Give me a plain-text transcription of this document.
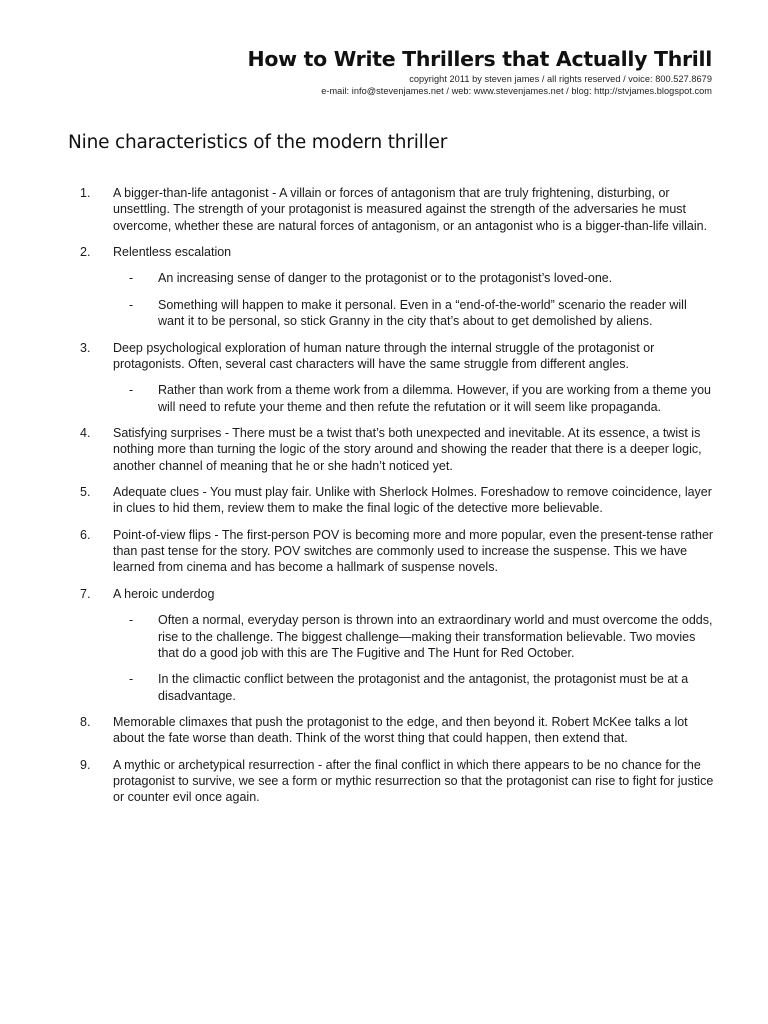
How to Write Thrillers that Actually Thrill
copyright 2011 by steven james / all rights reserved / voice: 800.527.8679
e-mail: info@stevenjames.net / web: www.stevenjames.net / blog: http://stvjames.blogspot.com
Nine characteristics of the modern thriller
1. A bigger-than-life antagonist - A villain or forces of antagonism that are truly frightening, disturbing, or unsettling. The strength of your protagonist is measured against the strength of the adversaries he must overcome, whether these are natural forces of antagonism, or an antagonist who is a bigger-than-life villain.
2. Relentless escalation
- An increasing sense of danger to the protagonist or to the protagonist’s loved-one.
- Something will happen to make it personal. Even in a “end-of-the-world” scenario the reader will want it to be personal, so stick Granny in the city that’s about to get demolished by aliens.
3. Deep psychological exploration of human nature through the internal struggle of the protagonist or protagonists. Often, several cast characters will have the same struggle from different angles.
- Rather than work from a theme work from a dilemma. However, if you are working from a theme you will need to refute your theme and then refute the refutation or it will seem like propaganda.
4. Satisfying surprises - There must be a twist that’s both unexpected and inevitable. At its essence, a twist is nothing more than turning the logic of the story around and showing the reader that there is a deeper logic, another channel of meaning that he or she hadn’t noticed yet.
5. Adequate clues - You must play fair. Unlike with Sherlock Holmes. Foreshadow to remove coincidence, layer in clues to hid them, review them to make the final logic of the detective more believable.
6. Point-of-view flips - The first-person POV is becoming more and more popular, even the present-tense rather than past tense for the story. POV switches are commonly used to increase the suspense. This we have learned from cinema and has become a hallmark of suspense novels.
7. A heroic underdog
- Often a normal, everyday person is thrown into an extraordinary world and must overcome the odds, rise to the challenge. The biggest challenge—making their transformation believable. Two movies that do a good job with this are The Fugitive and The Hunt for Red October.
- In the climactic conflict between the protagonist and the antagonist, the protagonist must be at a disadvantage.
8. Memorable climaxes that push the protagonist to the edge, and then beyond it. Robert McKee talks a lot about the fate worse than death. Think of the worst thing that could happen, then extend that.
9. A mythic or archetypical resurrection - after the final conflict in which there appears to be no chance for the protagonist to survive, we see a form or mythic resurrection so that the protagonist can rise to fight for justice or counter evil once again.
